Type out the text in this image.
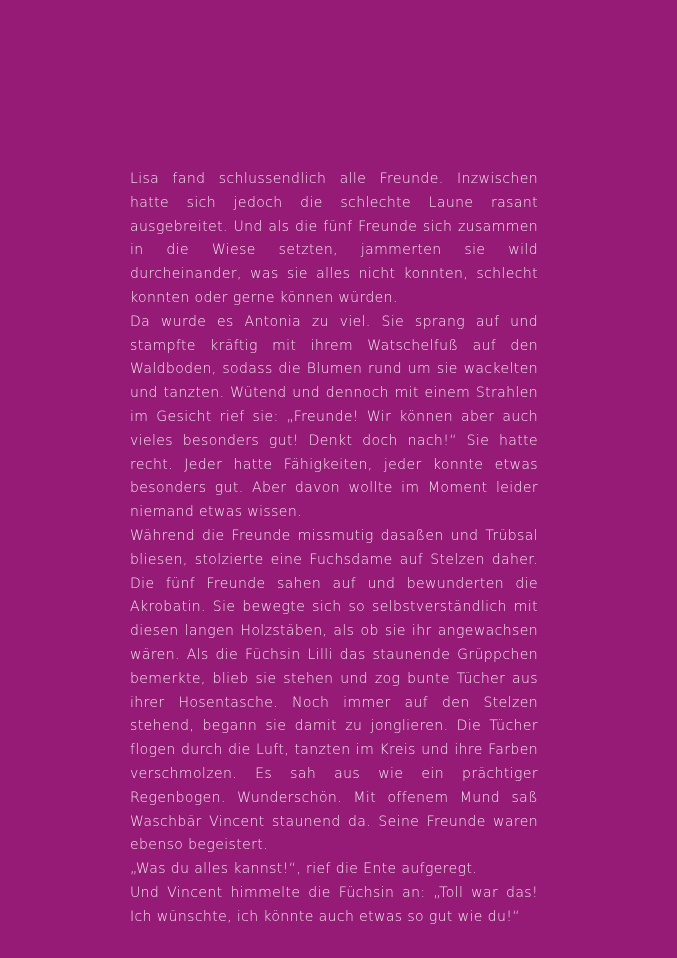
Lisa fand schlussendlich alle Freunde. Inzwischen hatte sich jedoch die schlechte Laune rasant ausgebreitet. Und als die fünf Freunde sich zusammen in die Wiese setzten, jammerten sie wild durcheinander, was sie alles nicht konnten, schlecht konnten oder gerne können würden.

Da wurde es Antonia zu viel. Sie sprang auf und stampfte kräftig mit ihrem Watschelfuß auf den Waldboden, sodass die Blumen rund um sie wackelten und tanzten. Wütend und dennoch mit einem Strahlen im Gesicht rief sie: „Freunde! Wir können aber auch vieles besonders gut! Denkt doch nach!“ Sie hatte recht. Jeder hatte Fähigkeiten, jeder konnte etwas besonders gut. Aber davon wollte im Moment leider niemand etwas wissen.

Während die Freunde missmutig dasaßen und Trübsal bliesen, stolzierte eine Fuchsdame auf Stelzen daher. Die fünf Freunde sahen auf und bewunderten die Akrobatin. Sie bewegte sich so selbstverständlich mit diesen langen Holzstäben, als ob sie ihr angewachsen wären. Als die Füchsin Lilli das staunende Grüppchen bemerkte, blieb sie stehen und zog bunte Tücher aus ihrer Hosentasche. Noch immer auf den Stelzen stehend, begann sie damit zu jonglieren. Die Tücher flogen durch die Luft, tanzten im Kreis und ihre Farben verschmolzen. Es sah aus wie ein prächtiger Regenbogen. Wunderschön. Mit offenem Mund saß Waschbär Vincent staunend da. Seine Freunde waren ebenso begeistert.

„Was du alles kannst!“, rief die Ente aufgeregt.

Und Vincent himmelte die Füchsin an: „Toll war das! Ich wünschte, ich könnte auch etwas so gut wie du!“
